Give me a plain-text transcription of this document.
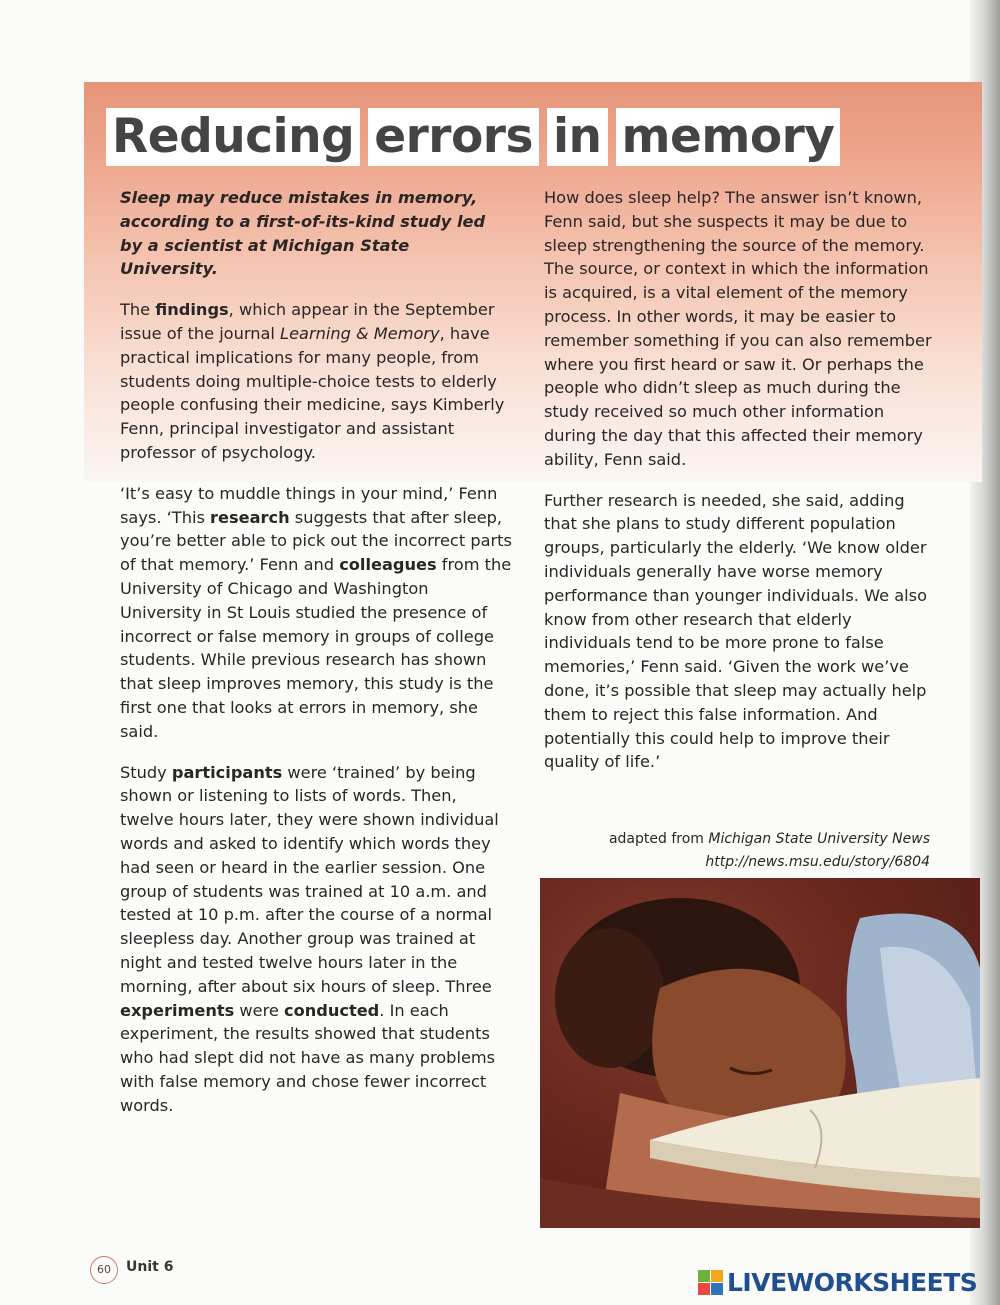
Reducing errors in memory

Sleep may reduce mistakes in memory, according to a first-of-its-kind study led by a scientist at Michigan State University.

The findings, which appear in the September issue of the journal Learning & Memory, have practical implications for many people, from students doing multiple-choice tests to elderly people confusing their medicine, says Kimberly Fenn, principal investigator and assistant professor of psychology.

‘It’s easy to muddle things in your mind,’ Fenn says. ‘This research suggests that after sleep, you’re better able to pick out the incorrect parts of that memory.’ Fenn and colleagues from the University of Chicago and Washington University in St Louis studied the presence of incorrect or false memory in groups of college students. While previous research has shown that sleep improves memory, this study is the first one that looks at errors in memory, she said.

Study participants were ‘trained’ by being shown or listening to lists of words. Then, twelve hours later, they were shown individual words and asked to identify which words they had seen or heard in the earlier session. One group of students was trained at 10 a.m. and tested at 10 p.m. after the course of a normal sleepless day. Another group was trained at night and tested twelve hours later in the morning, after about six hours of sleep. Three experiments were conducted. In each experiment, the results showed that students who had slept did not have as many problems with false memory and chose fewer incorrect words.

How does sleep help? The answer isn’t known, Fenn said, but she suspects it may be due to sleep strengthening the source of the memory. The source, or context in which the information is acquired, is a vital element of the memory process. In other words, it may be easier to remember something if you can also remember where you first heard or saw it. Or perhaps the people who didn’t sleep as much during the study received so much other information during the day that this affected their memory ability, Fenn said.

Further research is needed, she said, adding that she plans to study different population groups, particularly the elderly. ‘We know older individuals generally have worse memory performance than younger individuals. We also know from other research that elderly individuals tend to be more prone to false memories,’ Fenn said. ‘Given the work we’ve done, it’s possible that sleep may actually help them to reject this false information. And potentially this could help to improve their quality of life.’

adapted from Michigan State University News
http://news.msu.edu/story/6804
60	Unit 6
LIVEWORKSHEETS
